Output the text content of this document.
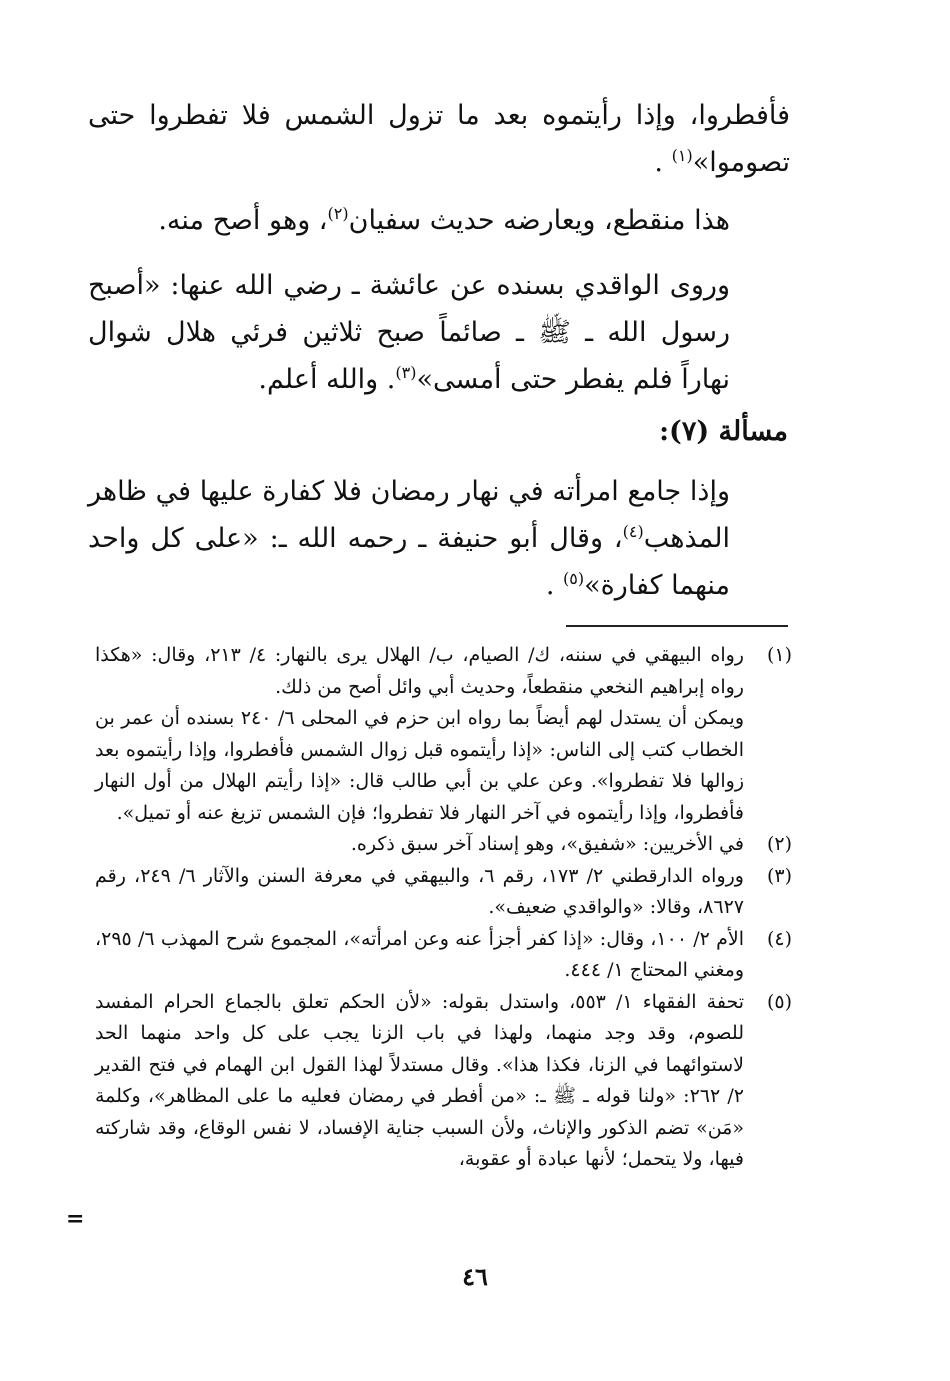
فأفطروا، وإذا رأيتموه بعد ما تزول الشمس فلا تفطروا حتى تصوموا»$^{(١)}$ .

هذا منقطع، ويعارضه حديث سفيان$^{(٢)}$، وهو أصح منه.

وروى الواقدي بسنده عن عائشة ـ رضي الله عنها: «أصبح رسول الله ـ ﷺ ـ صائماً صبح ثلاثين فرئي هلال شوال نهاراً فلم يفطر حتى أمسى»$^{(٣)}$. والله أعلم.

مسألة (٧):

وإذا جامع امرأته في نهار رمضان فلا كفارة عليها في ظاهر المذهب$^{(٤)}$، وقال أبو حنيفة ـ رحمه الله ـ: «على كل واحد منهما كفارة»$^{(٥)}$ .

(١)

رواه البيهقي في سننه، ك/ الصيام، ب/ الهلال يرى بالنهار: ٤/ ٢١٣، وقال: «هكذا رواه إبراهيم النخعي منقطعاً، وحديث أبي وائل أصح من ذلك.

ويمكن أن يستدل لهم أيضاً بما رواه ابن حزم في المحلى ٦/ ٢٤٠ بسنده أن عمر بن الخطاب كتب إلى الناس: «إذا رأيتموه قبل زوال الشمس فأفطروا، وإذا رأيتموه بعد زوالها فلا تفطروا». وعن علي بن أبي طالب قال: «إذا رأيتم الهلال من أول النهار فأفطروا، وإذا رأيتموه في آخر النهار فلا تفطروا؛ فإن الشمس تزيغ عنه أو تميل».

(٢)

في الأخريين: «شفيق»، وهو إسناد آخر سبق ذكره.

(٣)

ورواه الدارقطني ٢/ ١٧٣، رقم ٦، والبيهقي في معرفة السنن والآثار ٦/ ٢٤٩، رقم ٨٦٢٧، وقالا: «والواقدي ضعيف».

(٤)

الأم ٢/ ١٠٠، وقال: «إذا كفر أجزأ عنه وعن امرأته»، المجموع شرح المهذب ٦/ ٢٩٥، ومغني المحتاج ١/ ٤٤٤.

(٥)

تحفة الفقهاء ١/ ٥٥٣، واستدل بقوله: «لأن الحكم تعلق بالجماع الحرام المفسد للصوم، وقد وجد منهما، ولهذا في باب الزنا يجب على كل واحد منهما الحد لاستوائهما في الزنا، فكذا هذا». وقال مستدلاً لهذا القول ابن الهمام في فتح القدير ٢/ ٢٦٢: «ولنا قوله ـ ﷺ ـ: «من أفطر في رمضان فعليه ما على المظاهر»، وكلمة «مَن» تضم الذكور والإناث، ولأن السبب جناية الإفساد، لا نفس الوقاع، وقد شاركته فيها، ولا يتحمل؛ لأنها عبادة أو عقوبة،

=
٤٦
